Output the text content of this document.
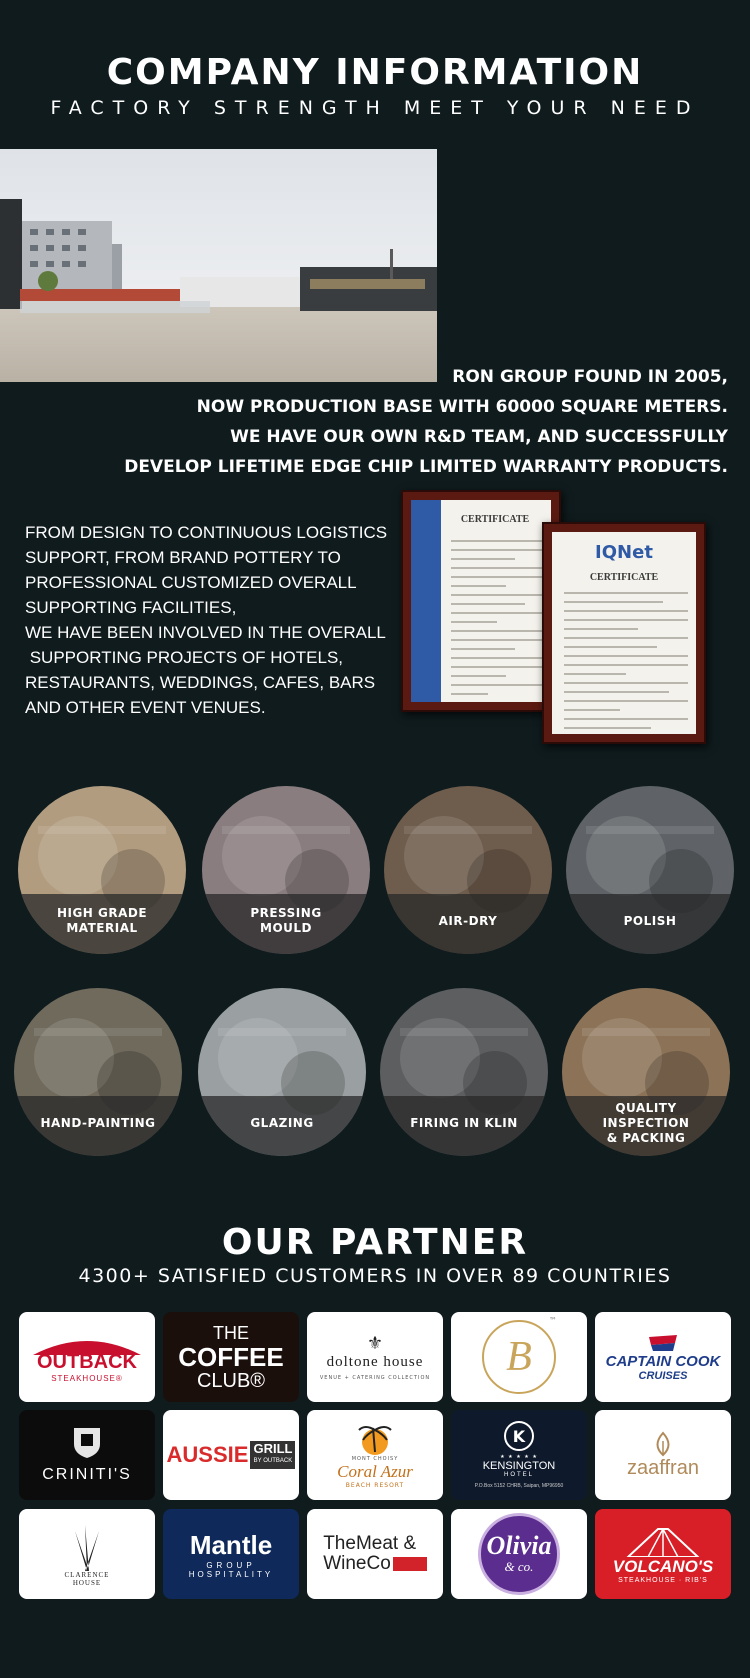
COMPANY INFORMATION
FACTORY STRENGTH MEET YOUR NEED
RON GROUP FOUND IN 2005,
NOW PRODUCTION BASE WITH 60000 SQUARE METERS.
WE HAVE OUR OWN R&D TEAM, AND SUCCESSFULLY
DEVELOP LIFETIME EDGE CHIP LIMITED WARRANTY PRODUCTS.
FROM DESIGN TO CONTINUOUS LOGISTICS
SUPPORT, FROM BRAND POTTERY TO
PROFESSIONAL CUSTOMIZED OVERALL
SUPPORTING FACILITIES,
WE HAVE BEEN INVOLVED IN THE OVERALL
SUPPORTING PROJECTS OF HOTELS,
RESTAURANTS, WEDDINGS, CAFES, BARS
AND OTHER EVENT VENUES.
CERTIFICATE
IQNet
CERTIFICATE
HIGH GRADE
MATERIAL
PRESSING MOULD
AIR-DRY	POLISH
HAND-PAINTING	GLAZING	FIRING IN KLIN
QUALITY
INSPECTION
& PACKING
OUR PARTNER
4300+ SATISFIED CUSTOMERS IN OVER 89 COUNTRIES
OUTBACK
STEAKHOUSE®
THE
COFFEE
CLUB®
⚜
doltone house
VENUE + CATERING COLLECTION B
™
CAPTAIN COOK
CRUISES
CRINITI'S
AUSSIE GRILL
BY OUTBACK	MONT CHOISY
Coral Azur
BEACH RESORT
K
★ ★ ★ ★ ★
KENSINGTON
HOTEL
P.O.Box 5152 CHRB, Saipan, MP96950
zaaffran
CLARENCE
HOUSE
Mantle
GROUP
HOSPITALITY
TheMeat &
WineCo
Olivia
& co.	VOLCANO'S
STEAKHOUSE · RIB'S
